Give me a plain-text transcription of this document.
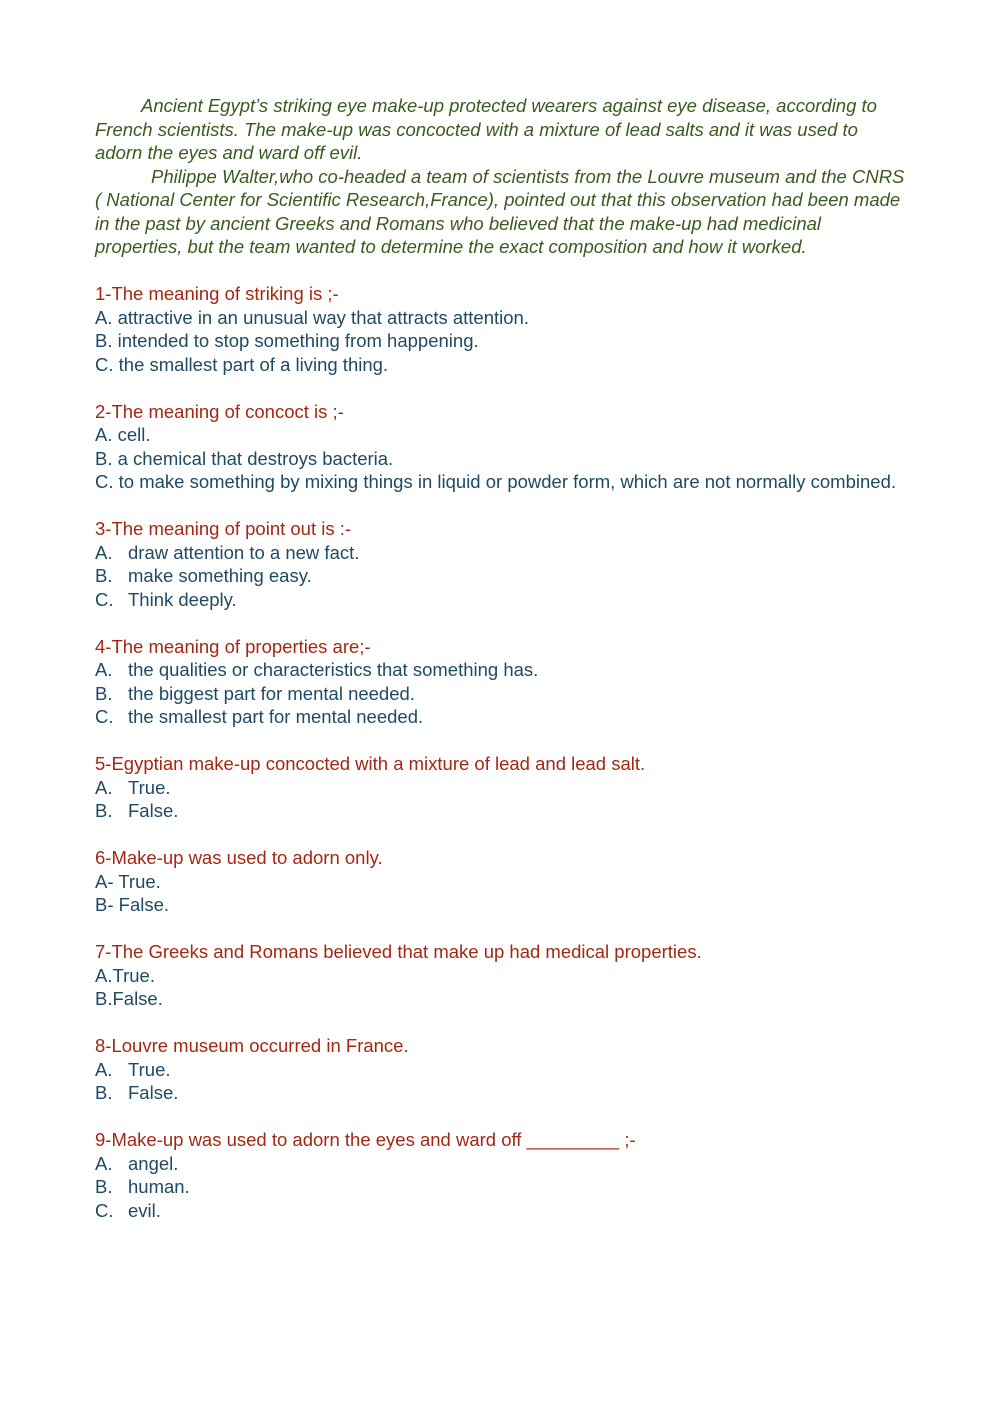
Ancient Egypt’s striking eye make-up protected wearers against eye disease, according to French scientists. The make-up was concocted with a mixture of lead salts and it was used to adorn the eyes and ward off evil.

Philippe Walter,who co-headed a team of scientists from the Louvre museum and the CNRS ( National Center for Scientific Research,France), pointed out that this observation had been made in the past by ancient Greeks and Romans who believed that the make-up had medicinal properties, but the team wanted to determine the exact composition and how it worked.

1-The meaning of striking is ;-

A. attractive in an unusual way that attracts attention.

B. intended to stop something from happening.

C. the smallest part of a living thing.

2-The meaning of concoct is ;-

A. cell.

B. a chemical that destroys bacteria.

C. to make something by mixing things in liquid or powder form, which are not normally combined.

3-The meaning of point out is :-

A. draw attention to a new fact.

B. make something easy.

C. Think deeply.

4-The meaning of properties are;-

A. the qualities or characteristics that something has.

B. the biggest part for mental needed.

C. the smallest part for mental needed.

5-Egyptian make-up concocted with a mixture of lead and lead salt.

A. True.

B. False.

6-Make-up was used to adorn only.

A- True.

B- False.

7-The Greeks and Romans believed that make up had medical properties.

A.True.

B.False.

8-Louvre museum occurred in France.

A. True.

B. False.

9-Make-up was used to adorn the eyes and ward off _________ ;-

A. angel.

B. human.

C. evil.
